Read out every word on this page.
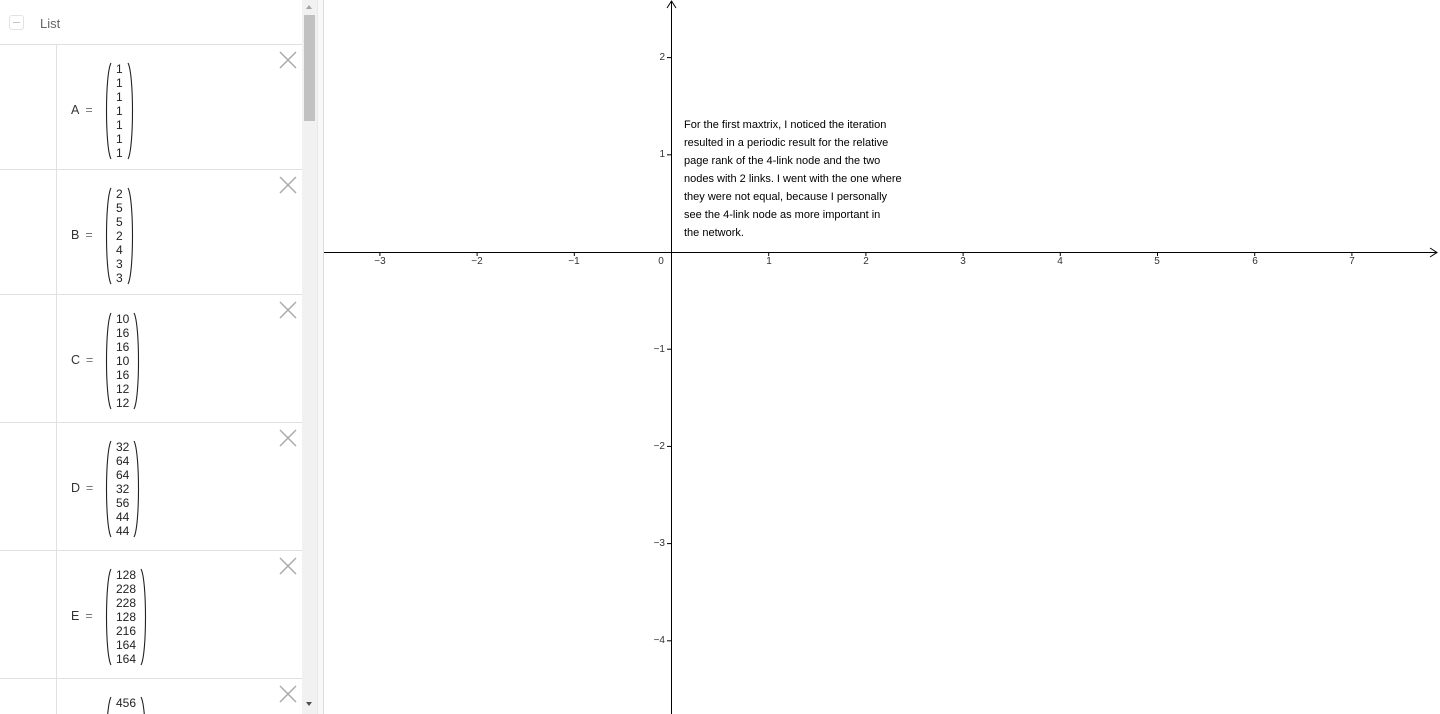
List
A =
1
1
1
1
1
1
1
B =
2
5
5
2
4
3
3
C =
10
16
16
10
16
12
12
D =
32
64
64
32
56
44
44
E =
128
228
228
128
216
164
164
456
−3	−2	−1	1	2	3	4	5	6	7
0
2
1
−1
−2
−3
−4
For the first maxtrix, I noticed the iteration
resulted in a periodic result for the relative
page rank of the 4-link node and the two
nodes with 2 links. I went with the one where
they were not equal, because I personally
see the 4-link node as more important in
the network.
